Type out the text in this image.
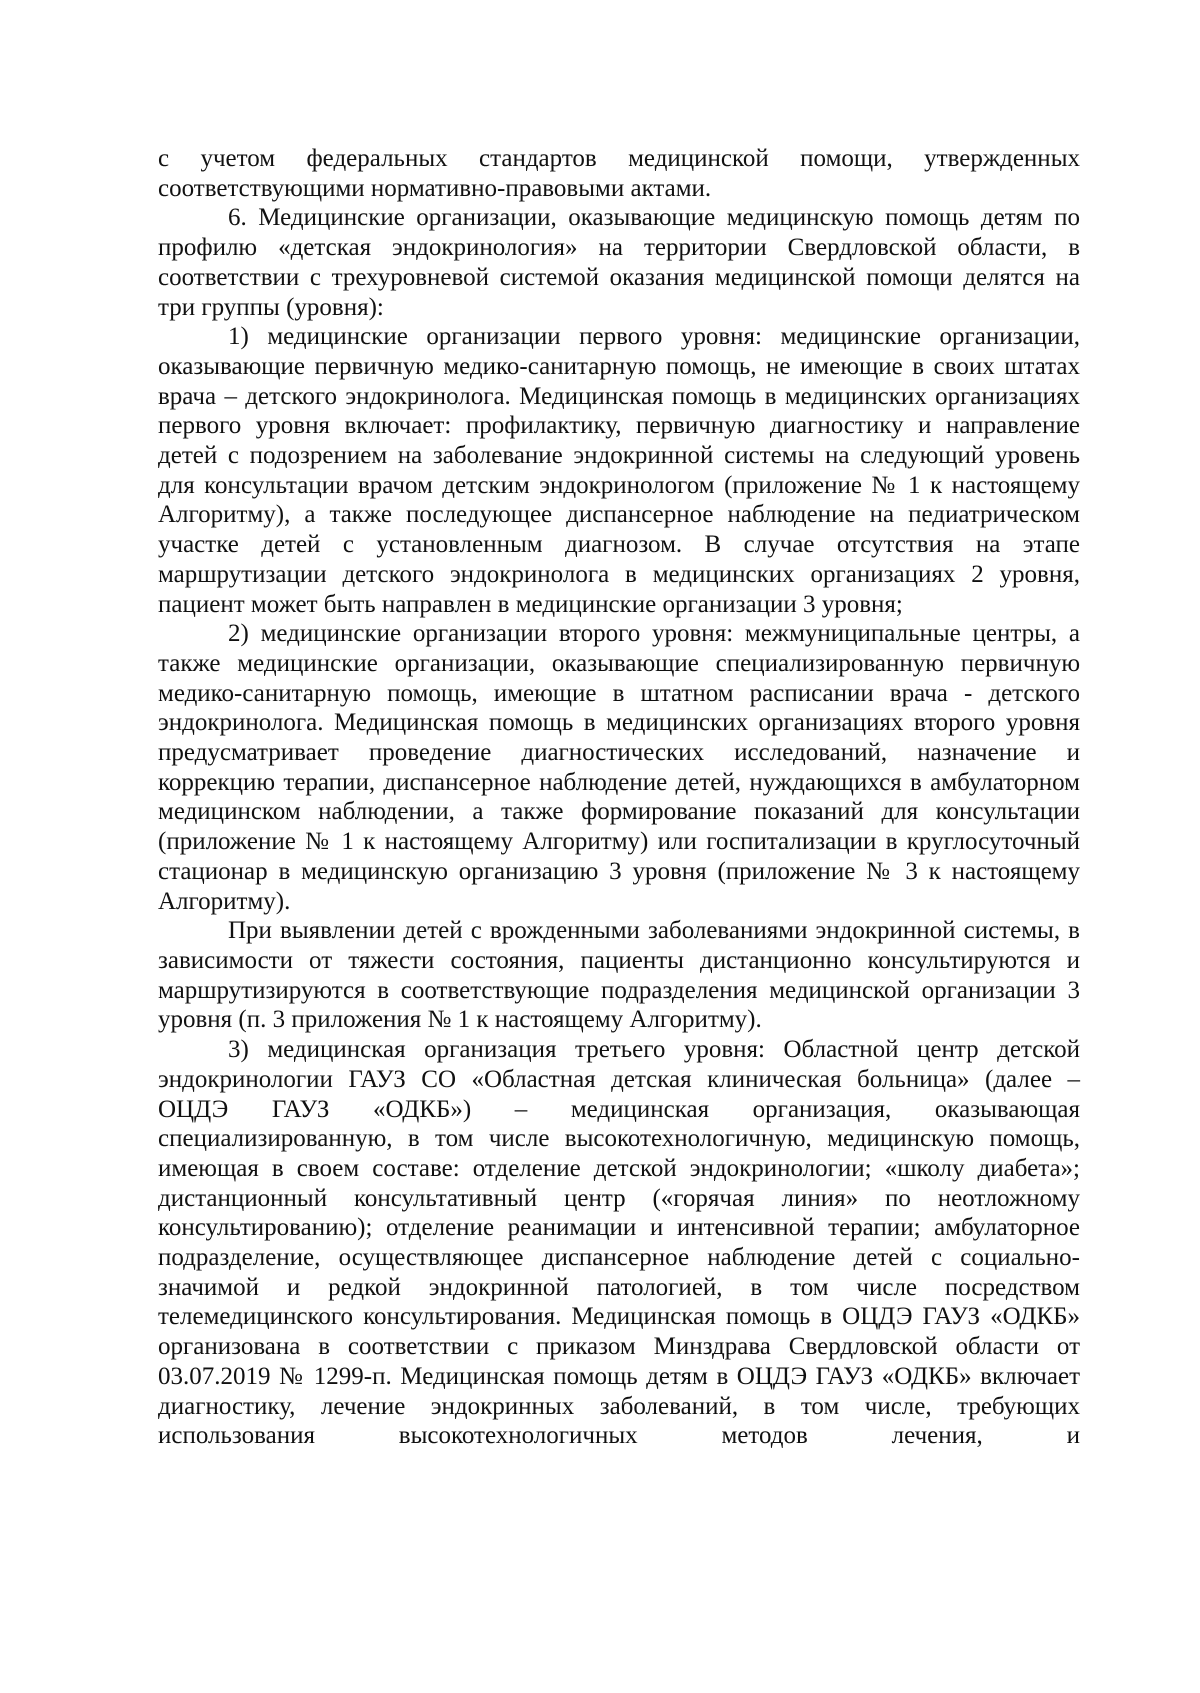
с учетом федеральных стандартов медицинской помощи, утвержденных соответствующими нормативно-правовыми актами.

6. Медицинские организации, оказывающие медицинскую помощь детям по профилю «детская эндокринология» на территории Свердловской области, в соответствии с трехуровневой системой оказания медицинской помощи делятся на три группы (уровня):

1) медицинские организации первого уровня: медицинские организации, оказывающие первичную медико-санитарную помощь, не имеющие в своих штатах врача – детского эндокринолога. Медицинская помощь в медицинских организациях первого уровня включает: профилактику, первичную диагностику и направление детей с подозрением на заболевание эндокринной системы на следующий уровень для консультации врачом детским эндокринологом (приложение № 1 к настоящему Алгоритму), а также последующее диспансерное наблюдение на педиатрическом участке детей с установленным диагнозом. В случае отсутствия на этапе маршрутизации детского эндокринолога в медицинских организациях 2 уровня, пациент может быть направлен в медицинские организации 3 уровня;

2) медицинские организации второго уровня: межмуниципальные центры, а также медицинские организации, оказывающие специализированную первичную медико-санитарную помощь, имеющие в штатном расписании врача - детского эндокринолога. Медицинская помощь в медицинских организациях второго уровня предусматривает проведение диагностических исследований, назначение и коррекцию терапии, диспансерное наблюдение детей, нуждающихся в амбулаторном медицинском наблюдении, а также формирование показаний для консультации (приложение № 1 к настоящему Алгоритму) или госпитализации в круглосуточный стационар в медицинскую организацию 3 уровня (приложение № 3 к настоящему Алгоритму).

При выявлении детей с врожденными заболеваниями эндокринной системы, в зависимости от тяжести состояния, пациенты дистанционно консультируются и маршрутизируются в соответствующие подразделения медицинской организации 3 уровня (п. 3 приложения № 1 к настоящему Алгоритму).

3) медицинская организация третьего уровня: Областной центр детской эндокринологии ГАУЗ СО «Областная детская клиническая больница» (далее – ОЦДЭ ГАУЗ «ОДКБ») – медицинская организация, оказывающая специализированную, в том числе высокотехнологичную, медицинскую помощь, имеющая в своем составе: отделение детской эндокринологии; «школу диабета»; дистанционный консультативный центр («горячая линия» по неотложному консультированию); отделение реанимации и интенсивной терапии; амбулаторное подразделение, осуществляющее диспансерное наблюдение детей с социально-значимой и редкой эндокринной патологией, в том числе посредством телемедицинского консультирования. Медицинская помощь в ОЦДЭ ГАУЗ «ОДКБ» организована в соответствии с приказом Минздрава Свердловской области от 03.07.2019 № 1299-п. Медицинская помощь детям в ОЦДЭ ГАУЗ «ОДКБ» включает диагностику, лечение эндокринных заболеваний, в том числе, требующих использования высокотехнологичных методов лечения, и
